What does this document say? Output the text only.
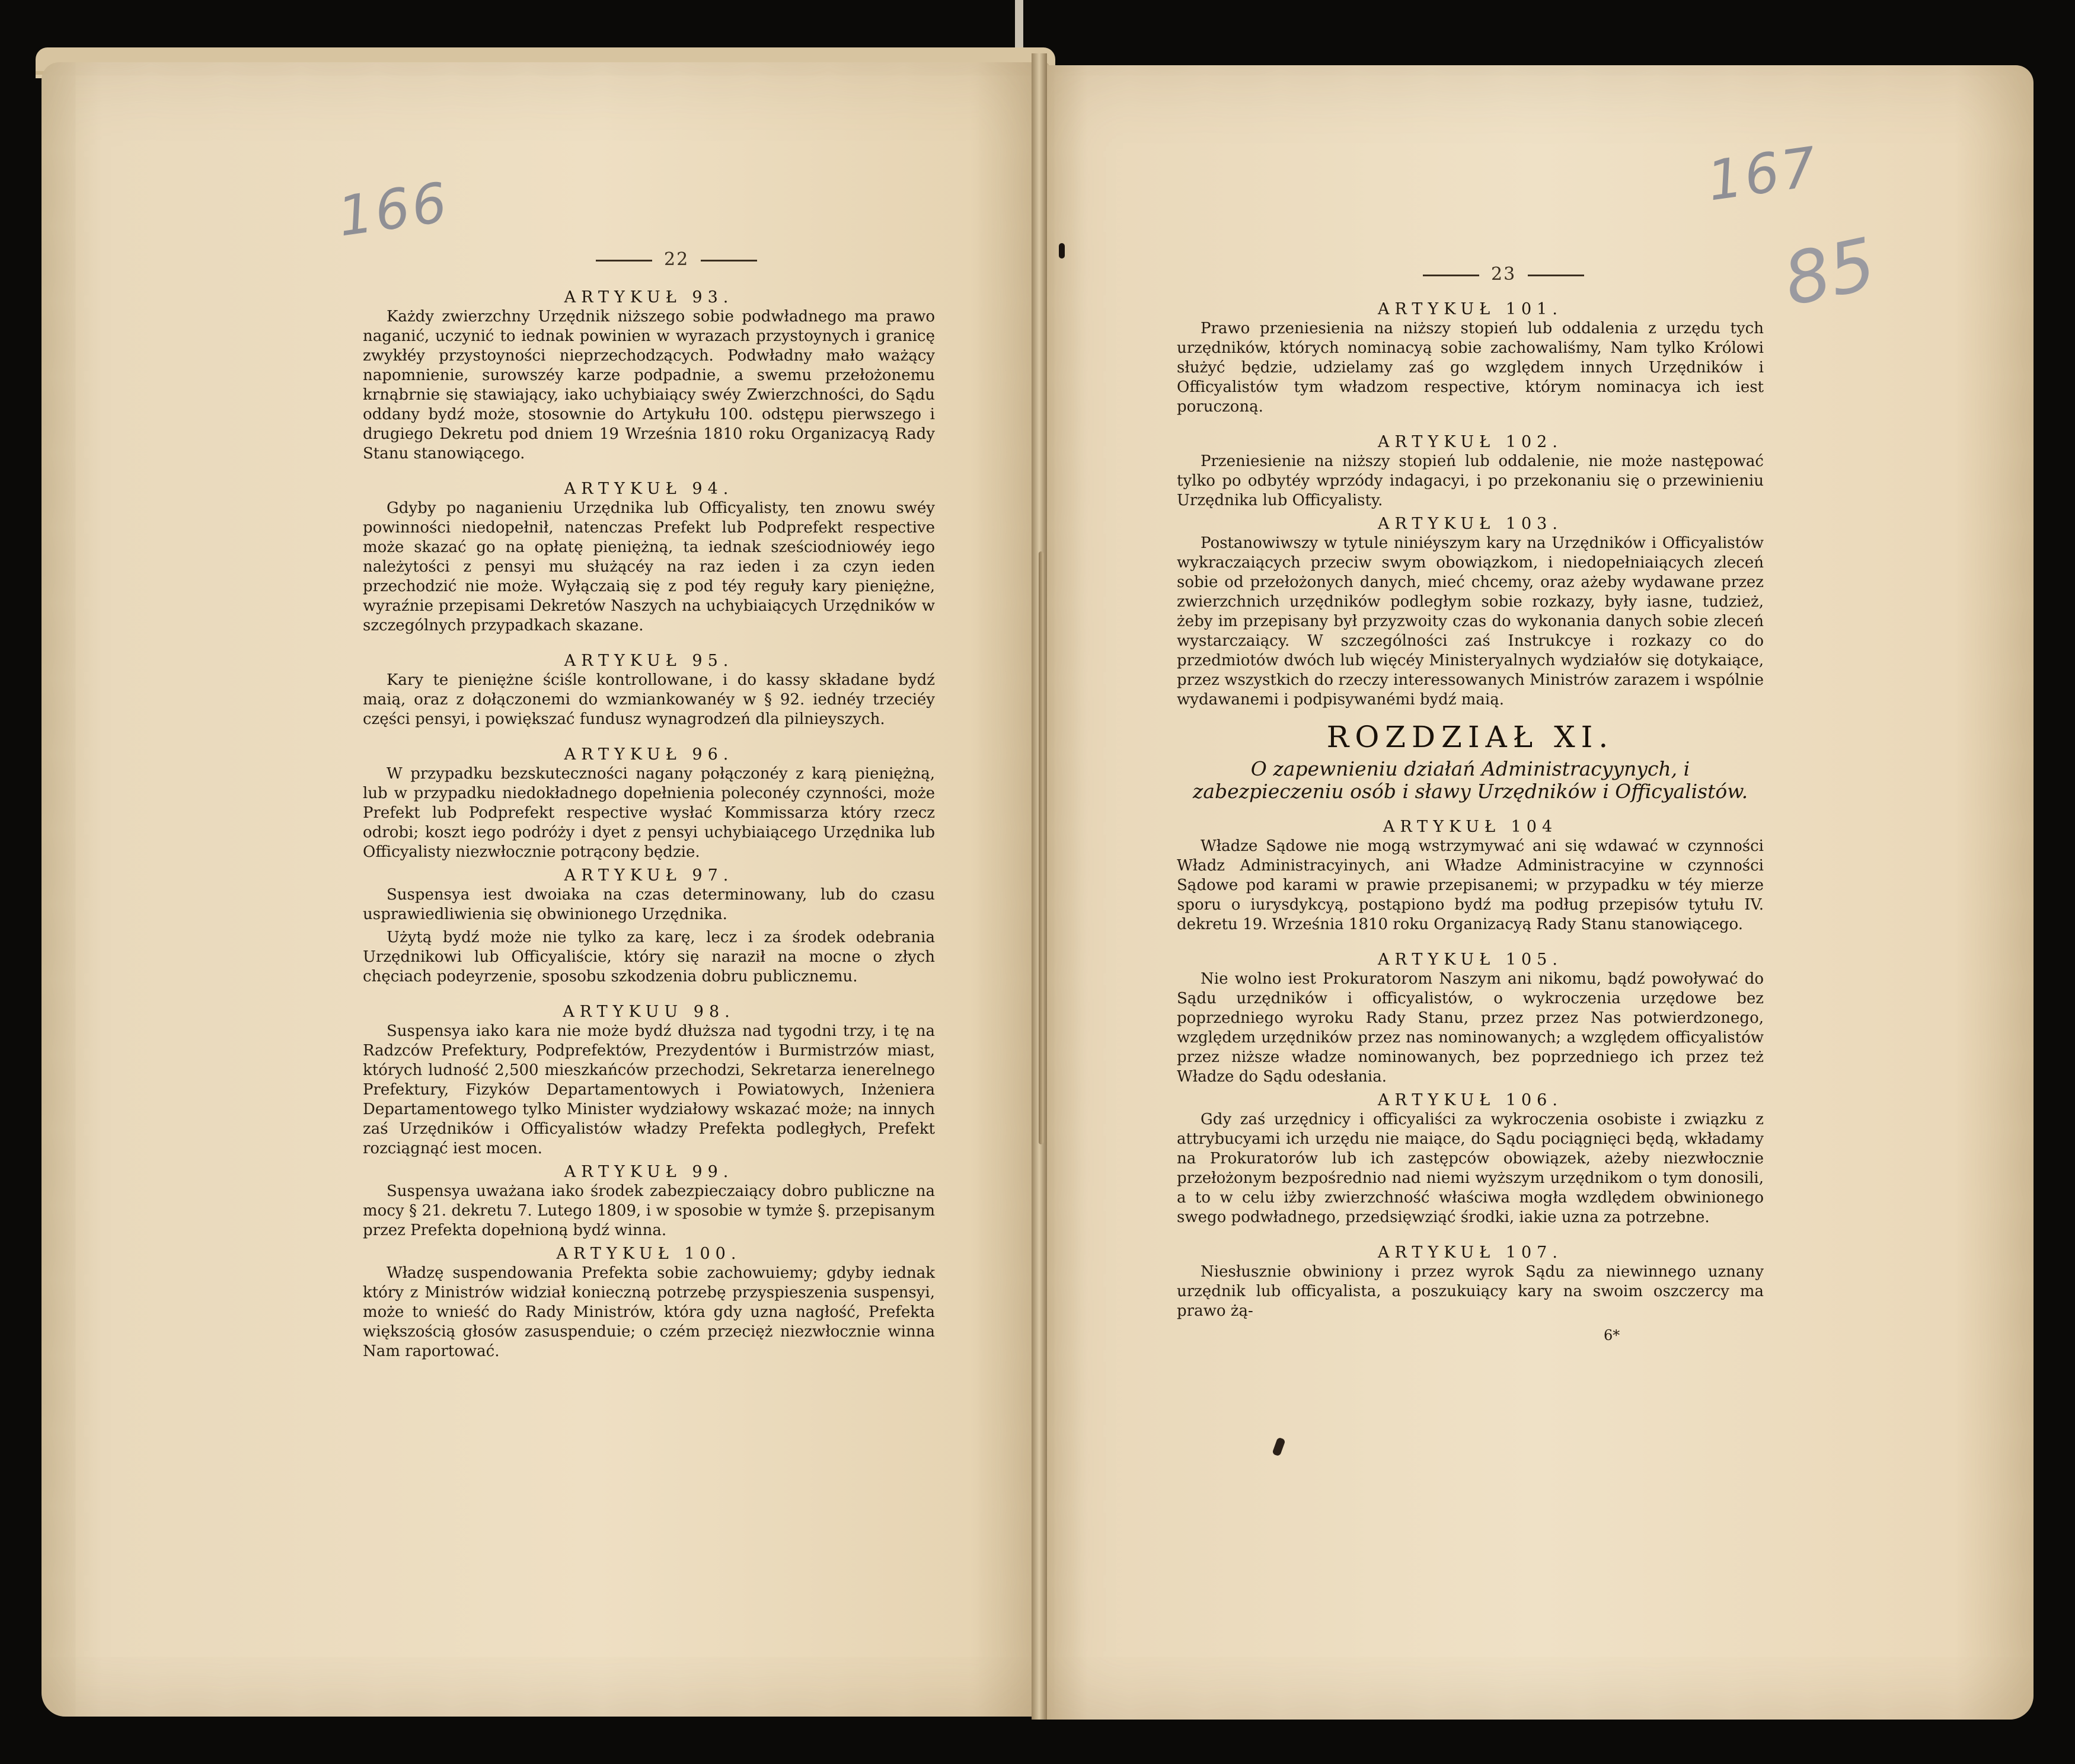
166	167
85
22
23

ARTYKUŁ 93.

Każdy zwierzchny Urzędnik niższego sobie podwładnego ma prawo naganić, uczynić to iednak powinien w wyrazach przystoynych i granicę zwykłéy przystoyności nieprzechodzących. Podwładny mało ważący napomnienie, surowszéy karze podpadnie, a swemu przełożonemu krnąbrnie się stawiający, iako uchybiaiący swéy Zwierzchności, do Sądu oddany bydź może, stosownie do Artykułu 100. odstępu pierwszego i drugiego Dekretu pod dniem 19 Września 1810 roku Organizacyą Rady Stanu stanowiącego.

ARTYKUŁ 94.

Gdyby po naganieniu Urzędnika lub Officyalisty, ten znowu swéy powinności niedopełnił, natenczas Prefekt lub Podprefekt respective może skazać go na opłatę pieniężną, ta iednak sześciodniowéy iego należytości z pensyi mu służącéy na raz ieden i za czyn ieden przechodzić nie może. Wyłączaią się z pod téy reguły kary pieniężne, wyraźnie przepisami Dekretów Naszych na uchybiaiących Urzędników w szczególnych przypadkach skazane.

ARTYKUŁ 95.

Kary te pieniężne ściśle kontrollowane, i do kassy składane bydź maią, oraz z dołączonemi do wzmiankowanéy w § 92. iednéy trzeciéy części pensyi, i powiększać fundusz wynagrodzeń dla pilnieyszych.

ARTYKUŁ 96.

W przypadku bezskuteczności nagany połączonéy z karą pieniężną, lub w przypadku niedokładnego dopełnienia poleconéy czynności, może Prefekt lub Podprefekt respective wysłać Kommissarza który rzecz odrobi; koszt iego podróży i dyet z pensyi uchybiaiącego Urzędnika lub Officyalisty niezwłocznie potrącony będzie.

ARTYKUŁ 97.

Suspensya iest dwoiaka na czas determinowany, lub do czasu usprawiedliwienia się obwinionego Urzędnika.

Użytą bydź może nie tylko za karę, lecz i za środek odebrania Urzędnikowi lub Officyaliście, który się naraził na mocne o złych chęciach podeyrzenie, sposobu szkodzenia dobru publicznemu.

ARTYKUU 98.

Suspensya iako kara nie może bydź dłuższa nad tygodni trzy, i tę na Radzców Prefektury, Podprefektów, Prezydentów i Burmistrzów miast, których ludność 2,500 mieszkańców przechodzi, Sekretarza ienerelnego Prefektury, Fizyków Departamentowych i Powiatowych, Inżeniera Departamentowego tylko Minister wydziałowy wskazać może; na innych zaś Urzędników i Officyalistów władzy Prefekta podległych, Prefekt rozciągnąć iest mocen.

ARTYKUŁ 99.

Suspensya uważana iako środek zabezpieczaiący dobro publiczne na mocy § 21. dekretu 7. Lutego 1809, i w sposobie w tymże §. przepisanym przez Prefekta dopełnioną bydź winna.

ARTYKUŁ 100.

Władzę suspendowania Prefekta sobie zachowuiemy; gdyby iednak który z Ministrów widział konieczną potrzebę przyspieszenia suspensyi, może to wnieść do Rady Ministrów, która gdy uzna nagłość, Prefekta większością głosów zasuspenduie; o czém przecięż niezwłocznie winna Nam raportować.

ARTYKUŁ 101.

Prawo przeniesienia na niższy stopień lub oddalenia z urzędu tych urzędników, których nominacyą sobie zachowaliśmy, Nam tylko Królowi służyć będzie, udzielamy zaś go względem innych Urzędników i Officyalistów tym władzom respective, którym nominacya ich iest poruczoną.

ARTYKUŁ 102.

Przeniesienie na niższy stopień lub oddalenie, nie może następować tylko po odbytéy wprzódy indagacyi, i po przekonaniu się o przewinieniu Urzędnika lub Officyalisty.

ARTYKUŁ 103.

Postanowiwszy w tytule niniéyszym kary na Urzędników i Officyalistów wykraczaiących przeciw swym obowiązkom, i niedopełniaiących zleceń sobie od przełożonych danych, mieć chcemy, oraz ażeby wydawane przez zwierzchnich urzędników podległym sobie rozkazy, były iasne, tudzież, żeby im przepisany był przyzwoity czas do wykonania danych sobie zleceń wystarczaiący. W szczególności zaś Instrukcye i rozkazy co do przedmiotów dwóch lub więcéy Ministeryalnych wydziałów się dotykaiące, przez wszystkich do rzeczy interessowanych Ministrów zarazem i wspólnie wydawanemi i podpisywanémi bydź maią.

ROZDZIAŁ XI.

O zapewnieniu działań Administracyynych, i zabezpieczeniu osób i sławy Urzędników i Officyalistów.

ARTYKUŁ 104

Władze Sądowe nie mogą wstrzymywać ani się wdawać w czynności Władz Administracyinych, ani Władze Administracyine w czynności Sądowe pod karami w prawie przepisanemi; w przypadku w téy mierze sporu o iurysdykcyą, postąpiono bydź ma podług przepisów tytułu IV. dekretu 19. Września 1810 roku Organizacyą Rady Stanu stanowiącego.

ARTYKUŁ 105.

Nie wolno iest Prokuratorom Naszym ani nikomu, bądź powoływać do Sądu urzędników i officyalistów, o wykroczenia urzędowe bez poprzedniego wyroku Rady Stanu, przez przez Nas potwierdzonego, względem urzędników przez nas nominowanych; a względem officyalistów przez niższe władze nominowanych, bez poprzedniego ich przez też Władze do Sądu odesłania.

ARTYKUŁ 106.

Gdy zaś urzędnicy i officyaliści za wykroczenia osobiste i związku z attrybucyami ich urzędu nie maiące, do Sądu pociągnięci będą, wkładamy na Prokuratorów lub ich zastępców obowiązek, ażeby niezwłocznie przełożonym bezpośrednio nad niemi wyższym urzędnikom o tym donosili, a to w celu iżby zwierzchność właściwa mogła wzdlędem obwinionego swego podwładnego, przedsięwziąć środki, iakie uzna za potrzebne.

ARTYKUŁ 107.

Niesłusznie obwiniony i przez wyrok Sądu za niewinnego uznany urzędnik lub officyalista, a poszukuiący kary na swoim oszczercy ma prawo żą-

6*
